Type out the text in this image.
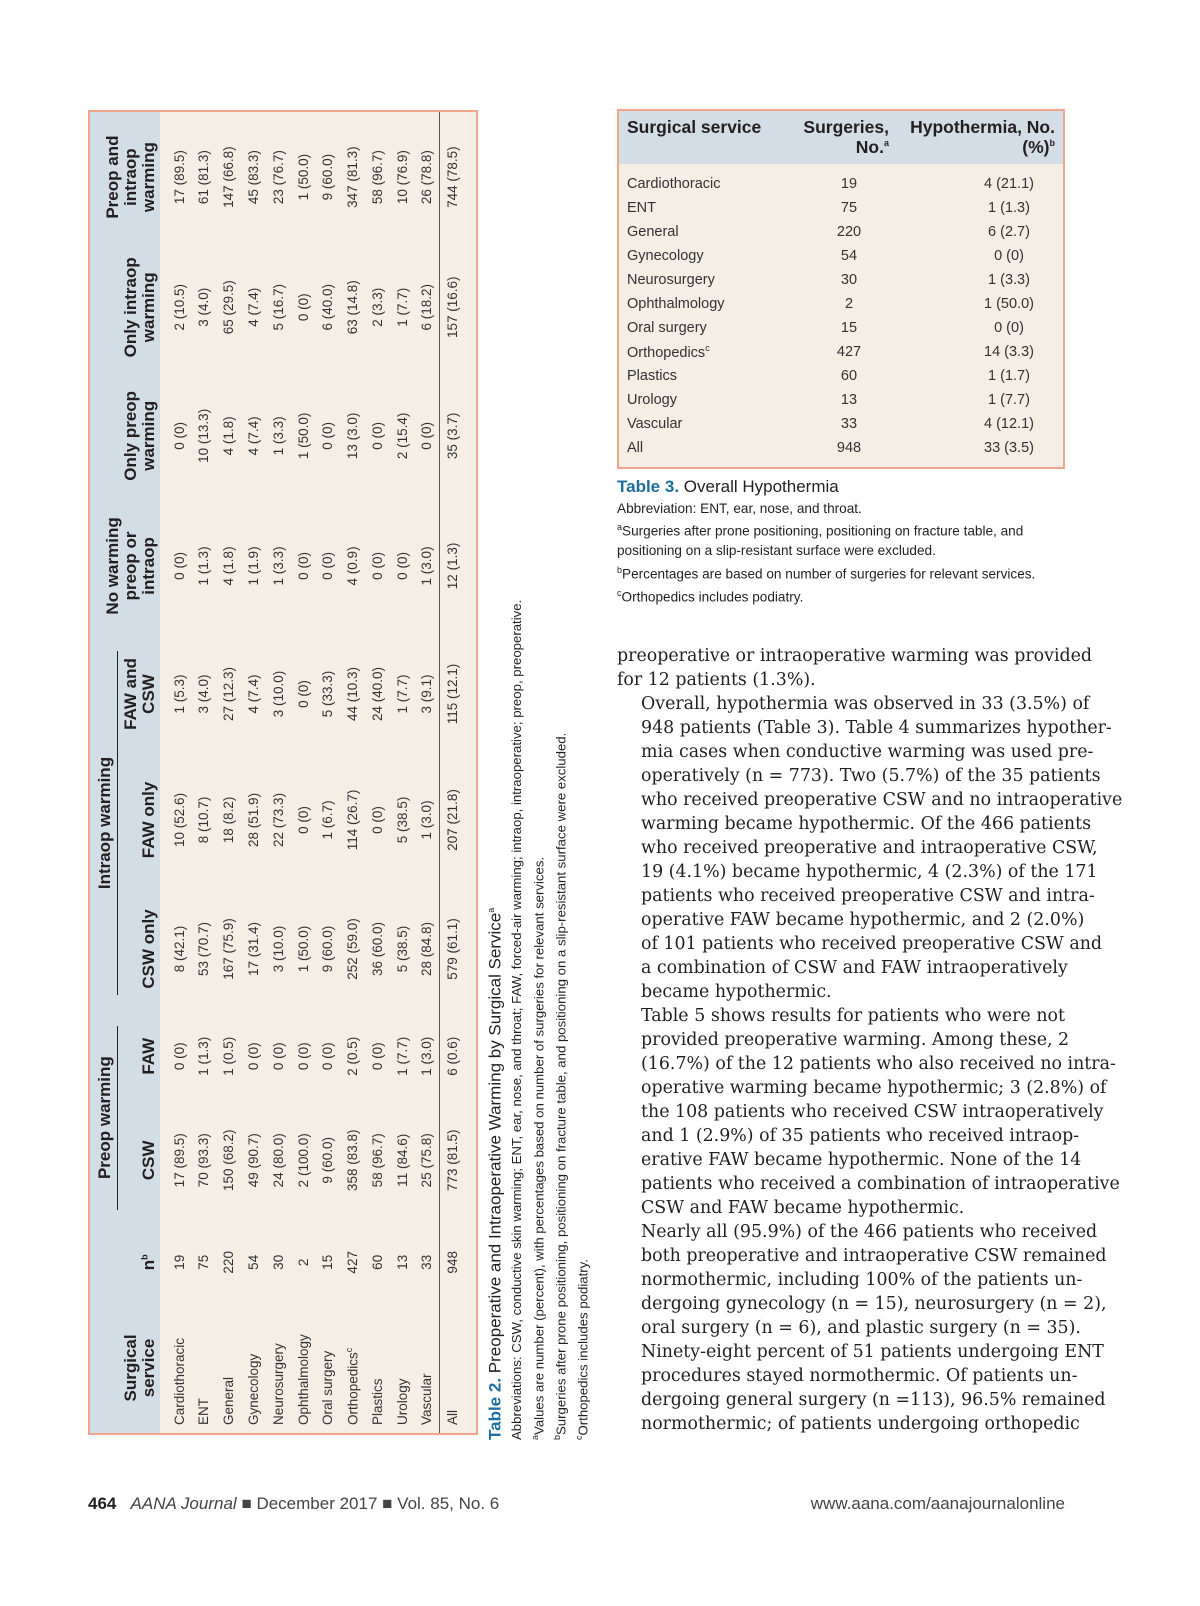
Surgical service	$n^b$	Preop warming		Intraop warming			No warming preop or intraop	Only preop warming	Only intraop warming	Preop and intraop warming
		CSW	FAW	CSW only	FAW only	FAW and CSW				
Cardiothoracic	19	17 (89.5)	0 (0)	8 (42.1)	10 (52.6)	1 (5.3)	0 (0)	0 (0)	2 (10.5)	17 (89.5)
ENT	75	70 (93.3)	1 (1.3)	53 (70.7)	8 (10.7)	3 (4.0)	1 (1.3)	10 (13.3)	3 (4.0)	61 (81.3)
General	220	150 (68.2)	1 (0.5)	167 (75.9)	18 (8.2)	27 (12.3)	4 (1.8)	4 (1.8)	65 (29.5)	147 (66.8)
Gynecology	54	49 (90.7)	0 (0)	17 (31.4)	28 (51.9)	4 (7.4)	1 (1.9)	4 (7.4)	4 (7.4)	45 (83.3)
Neurosurgery	30	24 (80.0)	0 (0)	3 (10.0)	22 (73.3)	3 (10.0)	1 (3.3)	1 (3.3)	5 (16.7)	23 (76.7)
Ophthalmology	2	2 (100.0)	0 (0)	1 (50.0)	0 (0)	0 (0)	0 (0)	1 (50.0)	0 (0)	1 (50.0)
Oral surgery	15	9 (60.0)	0 (0)	9 (60.0)	1 (6.7)	5 (33.3)	0 (0)	0 (0)	6 (40.0)	9 (60.0)
Orthopedics$^c$	427	358 (83.8)	2 (0.5)	252 (59.0)	114 (26.7)	44 (10.3)	4 (0.9)	13 (3.0)	63 (14.8)	347 (81.3)
Plastics	60	58 (96.7)	0 (0)	36 (60.0)	0 (0)	24 (40.0)	0 (0)	0 (0)	2 (3.3)	58 (96.7)
Urology	13	11 (84.6)	1 (7.7)	5 (38.5)	5 (38.5)	1 (7.7)	0 (0)	2 (15.4)	1 (7.7)	10 (76.9)
Vascular	33	25 (75.8)	1 (3.0)	28 (84.8)	1 (3.0)	3 (9.1)	1 (3.0)	0 (0)	6 (18.2)	26 (78.8)
All	948	773 (81.5)	6 (0.6)	579 (61.1)	207 (21.8)	115 (12.1)	12 (1.3)	35 (3.7)	157 (16.6)	744 (78.5)
Table 2. Preoperative and Intraoperative Warming by Surgical Service$^a$ Abbreviations: CSW, conductive skin warming; ENT, ear, nose, and throat; FAW, forced-air warming; intraop, intraoperative; preop, preoperative. $^a$Values are number (percent), with percentages based on number of surgeries for relevant services.
$^b$Surgeries after prone positioning, positioning on fracture table, and positioning on a slip-resistant surface were excluded.
$^c$Orthopedics includes podiatry.
Surgical service	Surgeries, No.$^a$	Hypothermia, No. (%)$^b$
Cardiothoracic	19	4 (21.1)
ENT	75	1 (1.3)
General	220	6 (2.7)
Gynecology	54	0 (0)
Neurosurgery	30	1 (3.3)
Ophthalmology	2	1 (50.0)
Oral surgery	15	0 (0)
Orthopedics$^c$	427	14 (3.3)
Plastics	60	1 (1.7)
Urology	13	1 (7.7)
Vascular	33	4 (12.1)
All	948	33 (3.5)
Table 3. Overall Hypothermia
Abbreviation: ENT, ear, nose, and throat.
$^a$Surgeries after prone positioning, positioning on fracture table, and positioning on a slip-resistant surface were excluded.
$^b$Percentages are based on number of surgeries for relevant services.
$^c$Orthopedics includes podiatry.

preoperative or intraoperative warming was provided
for 12 patients (1.3%).

Overall, hypothermia was observed in 33 (3.5%) of
948 patients (Table 3). Table 4 summarizes hypother-
mia cases when conductive warming was used pre-
operatively (n = 773). Two (5.7%) of the 35 patients
who received preoperative CSW and no intraoperative
warming became hypothermic. Of the 466 patients
who received preoperative and intraoperative CSW,
19 (4.1%) became hypothermic, 4 (2.3%) of the 171
patients who received preoperative CSW and intra-
operative FAW became hypothermic, and 2 (2.0%)
of 101 patients who received preoperative CSW and
a combination of CSW and FAW intraoperatively
became hypothermic.

Table 5 shows results for patients who were not
provided preoperative warming. Among these, 2
(16.7%) of the 12 patients who also received no intra-
operative warming became hypothermic; 3 (2.8%) of
the 108 patients who received CSW intraoperatively
and 1 (2.9%) of 35 patients who received intraop-
erative FAW became hypothermic. None of the 14
patients who received a combination of intraoperative
CSW and FAW became hypothermic.

Nearly all (95.9%) of the 466 patients who received
both preoperative and intraoperative CSW remained
normothermic, including 100% of the patients un-
dergoing gynecology (n = 15), neurosurgery (n = 2),
oral surgery (n = 6), and plastic surgery (n = 35).
Ninety-eight percent of 51 patients undergoing ENT
procedures stayed normothermic. Of patients un-
dergoing general surgery (n =113), 96.5% remained
normothermic; of patients undergoing orthopedic

464 AANA Journal ■ December 2017 ■ Vol. 85, No. 6	www.aana.com/aanajournalonline
